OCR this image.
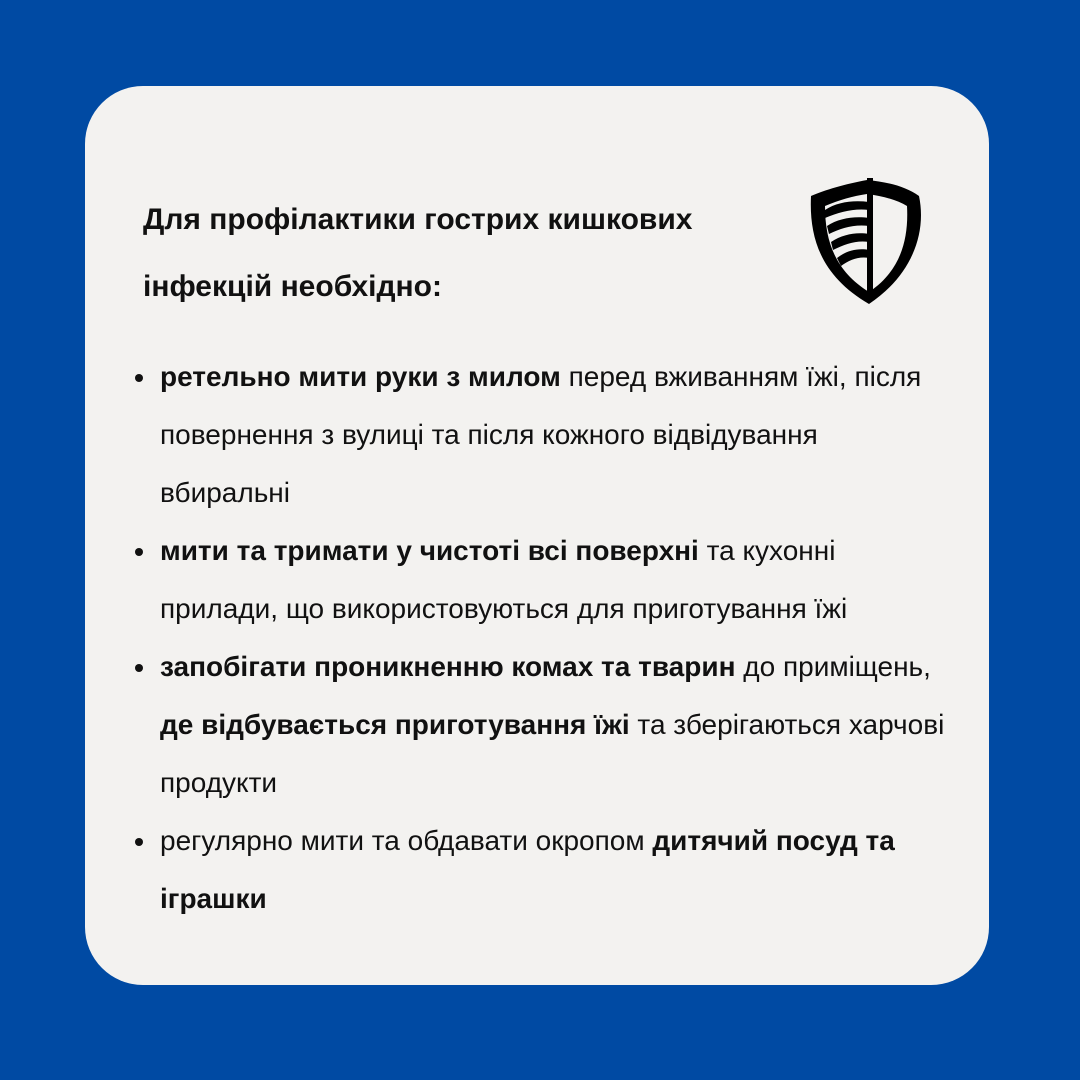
Для профілактики гострих кишкових
інфекцій необхідно:
ретельно мити руки з милом перед вживанням їжі, після повернення з вулиці та після кожного відвідування вбиральні
мити та тримати у чистоті всі поверхні та кухонні прилади, що використовуються для приготування їжі
запобігати проникненню комах та тварин до приміщень, де відбувається приготування їжі та зберігаються харчові продукти
регулярно мити та обдавати окропом дитячий посуд та іграшки
